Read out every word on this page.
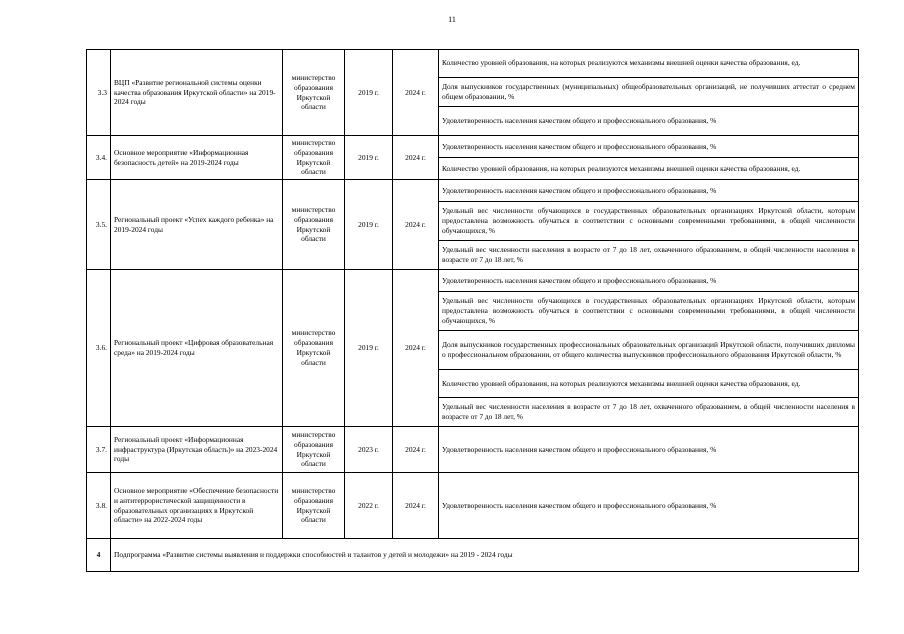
11
3.3	ВЦП «Развитие региональной системы оценки качества образования Иркутской области» на 2019-2024 годы	министерство образования Иркутской области	2019 г.	2024 г.	Количество уровней образования, на которых реализуются механизмы внешней оценки качества образования, ед.
					Доля выпускников государственных (муниципальных) общеобразовательных организаций, не получивших аттестат о среднем общем образовании, %
					Удовлетворенность населения качеством общего и профессионального образования, %
3.4.	Основное мероприятие «Информационная безопасность детей» на 2019-2024 годы	министерство образования Иркутской области	2019 г.	2024 г.	Удовлетворенность населения качеством общего и профессионального образования, %
					Количество уровней образования, на которых реализуются механизмы внешней оценки качества образования, ед.
3.5.	Региональный проект «Успех каждого ребенка» на 2019-2024 годы	министерство образования Иркутской области	2019 г.	2024 г.	Удовлетворенность населения качеством общего и профессионального образования, %
					Удельный вес численности обучающихся в государственных образовательных организациях Иркутской области, которым предоставлена возможность обучаться в соответствии с основными современными требованиями, в общей численности обучающихся, %
					Удельный вес численности населения в возрасте от 7 до 18 лет, охваченного образованием, в общей численности населения в возрасте от 7 до 18 лет, %
3.6.	Региональный проект «Цифровая образовательная среда» на 2019-2024 годы	министерство образования Иркутской области	2019 г.	2024 г.	Удовлетворенность населения качеством общего и профессионального образования, %
					Удельный вес численности обучающихся в государственных образовательных организациях Иркутской области, которым предоставлена возможность обучаться в соответствии с основными современными требованиями, в общей численности обучающихся, %
					Доля выпускников государственных профессиональных образовательных организаций Иркутской области, получивших дипломы о профессиональном образовании, от общего количества выпускников профессионального образования Иркутской области, %
					Количество уровней образования, на которых реализуются механизмы внешней оценки качества образования, ед.
					Удельный вес численности населения в возрасте от 7 до 18 лет, охваченного образованием, в общей численности населения в возрасте от 7 до 18 лет, %
3.7.	Региональный проект «Информационная инфраструктура (Иркутская область)» на 2023-2024 годы	министерство образования Иркутской области	2023 г.	2024 г.	Удовлетворенность населения качеством общего и профессионального образования, %
3.8.	Основное мероприятие «Обеспечение безопасности и антитеррористической защищенности в образовательных организациях в Иркутской области» на 2022-2024 годы	министерство образования Иркутской области	2022 г.	2024 г.	Удовлетворенность населения качеством общего и профессионального образования, %
4	Подпрограмма «Развитие системы выявления и поддержки способностей и талантов у детей и молодежи» на 2019 - 2024 годы				
